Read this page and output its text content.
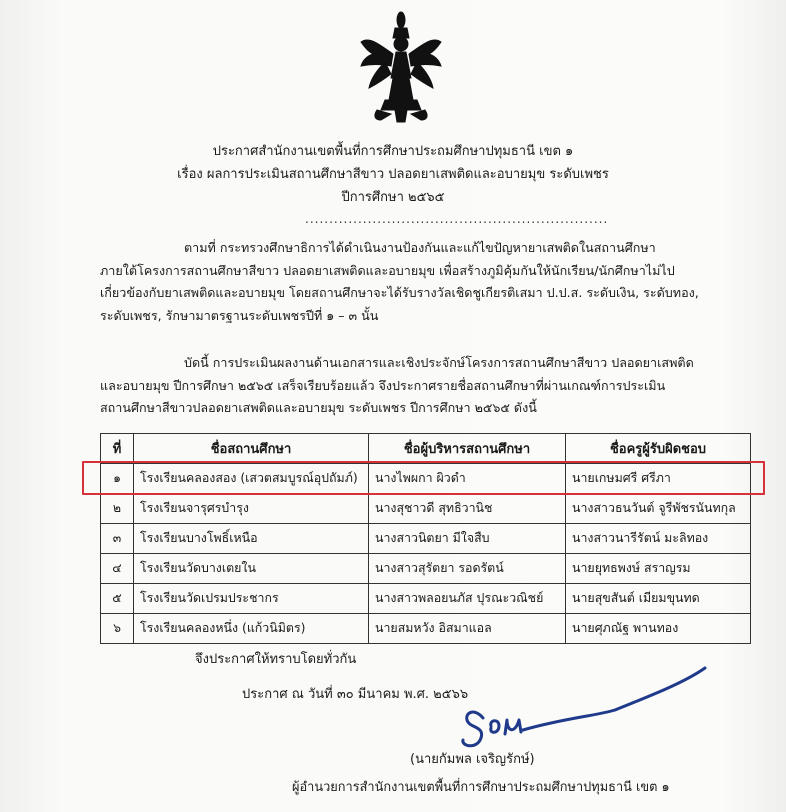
ประกาศสำนักงานเขตพื้นที่การศึกษาประถมศึกษาปทุมธานี เขต ๑
เรื่อง ผลการประเมินสถานศึกษาสีขาว ปลอดยาเสพติดและอบายมุข ระดับเพชร
ปีการศึกษา ๒๕๖๕
...............................................................
ตามที่ กระทรวงศึกษาธิการได้ดำเนินงานป้องกันและแก้ไขปัญหายาเสพติดในสถานศึกษา
ภายใต้โครงการสถานศึกษาสีขาว ปลอดยาเสพติดและอบายมุข เพื่อสร้างภูมิคุ้มกันให้นักเรียน/นักศึกษาไม่ไป
เกี่ยวข้องกับยาเสพติดและอบายมุข โดยสถานศึกษาจะได้รับรางวัลเชิดชูเกียรติเสมา ป.ป.ส. ระดับเงิน, ระดับทอง,
ระดับเพชร, รักษามาตรฐานระดับเพชรปีที่ ๑ – ๓ นั้น
บัดนี้ การประเมินผลงานด้านเอกสารและเชิงประจักษ์โครงการสถานศึกษาสีขาว ปลอดยาเสพติด
และอบายมุข ปีการศึกษา ๒๕๖๕ เสร็จเรียบร้อยแล้ว จึงประกาศรายชื่อสถานศึกษาที่ผ่านเกณฑ์การประเมิน
สถานศึกษาสีขาวปลอดยาเสพติดและอบายมุข ระดับเพชร ปีการศึกษา ๒๕๖๕ ดังนี้
ที่	ชื่อสถานศึกษา	ชื่อผู้บริหารสถานศึกษา	ชื่อครูผู้รับผิดชอบ
๑	โรงเรียนคลองสอง (เสวตสมบูรณ์อุปถัมภ์)	นางไพผกา ผิวดำ	นายเกษมศรี ศรีภา
๒	โรงเรียนจารุศรบำรุง	นางสุชาวดี สุทธิวานิช	นางสาวธนวันต์ จูรีพัชรนันทกุล
๓	โรงเรียนบางโพธิ์เหนือ	นางสาวนิตยา มีใจสืบ	นางสาวนารีรัตน์ มะลิทอง
๔	โรงเรียนวัดบางเตยใน	นางสาวสุรัตยา รอดรัตน์	นายยุทธพงษ์ สราญรม
๕	โรงเรียนวัดเปรมประชากร	นางสาวพลอยนภัส ปุรณะวณิชย์	นายสุขสันต์ เมียมขุนทด
๖	โรงเรียนคลองหนึ่ง (แก้วนิมิตร)	นายสมหวัง อิสมาแอล	นายศุภณัฐ พานทอง
จึงประกาศให้ทราบโดยทั่วกัน
ประกาศ ณ วันที่ ๓๐ มีนาคม พ.ศ. ๒๕๖๖
(นายกัมพล เจริญรักษ์)
ผู้อำนวยการสำนักงานเขตพื้นที่การศึกษาประถมศึกษาปทุมธานี เขต ๑
